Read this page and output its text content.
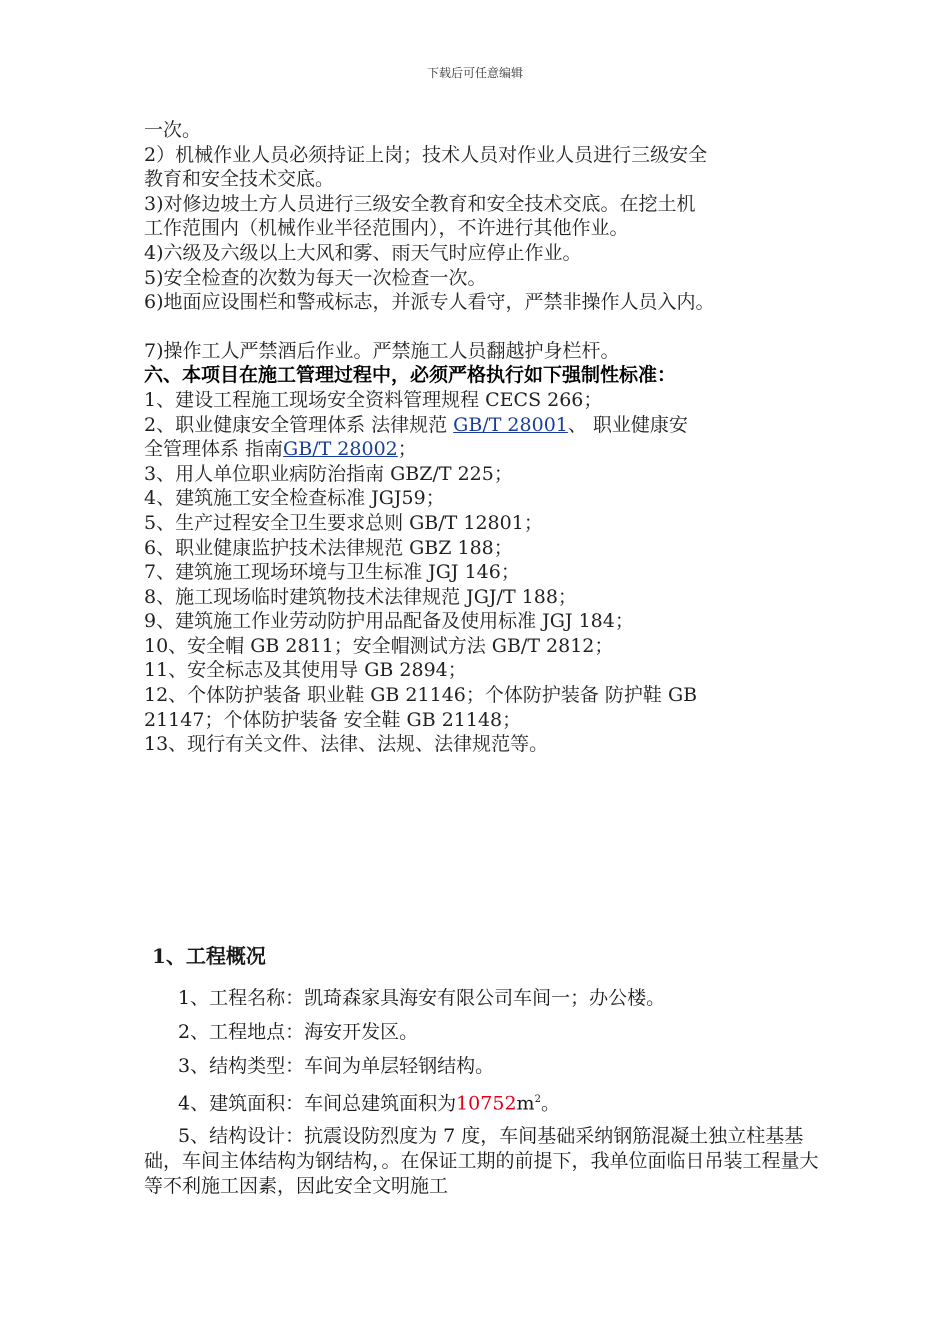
下载后可任意编辑
一次。
2）机械作业人员必须持证上岗；技术人员对作业人员进行三级安全
教育和安全技术交底。
3)对修边坡土方人员进行三级安全教育和安全技术交底。在挖土机
工作范围内（机械作业半径范围内），不许进行其他作业。
4)六级及六级以上大风和雾、雨天气时应停止作业。
5)安全检查的次数为每天一次检查一次。
6)地面应设围栏和警戒标志，并派专人看守，严禁非操作人员入内。
7)操作工人严禁酒后作业。严禁施工人员翻越护身栏杆。
六、本项目在施工管理过程中，必须严格执行如下强制性标准：
1、建设工程施工现场安全资料管理规程 CECS 266；
2、职业健康安全管理体系 法律规范 GB/T 28001、 职业健康安
全管理体系 指南GB/T 28002；
3、用人单位职业病防治指南 GBZ/T 225；
4、建筑施工安全检查标准 JGJ59；
5、生产过程安全卫生要求总则 GB/T 12801；
6、职业健康监护技术法律规范 GBZ 188；
7、建筑施工现场环境与卫生标准 JGJ 146；
8、施工现场临时建筑物技术法律规范 JGJ/T 188；
9、建筑施工作业劳动防护用品配备及使用标准 JGJ 184；
10、安全帽 GB 2811；安全帽测试方法 GB/T 2812；
11、安全标志及其使用导 GB 2894；
12、个体防护装备 职业鞋 GB 21146；个体防护装备 防护鞋 GB
21147；个体防护装备 安全鞋 GB 21148；
13、现行有关文件、法律、法规、法律规范等。
1、工程概况
1、工程名称：凯琦森家具海安有限公司车间一；办公楼。
2、工程地点：海安开发区。
3、结构类型：车间为单层轻钢结构。
4、建筑面积：车间总建筑面积为$10752m^2$。
5、结构设计：抗震设防烈度为 7 度，车间基础采纳钢筋混凝土独立柱基基础，车间主体结构为钢结构，。在保证工期的前提下，我单位面临日吊装工程量大等不利施工因素，因此安全文明施工
